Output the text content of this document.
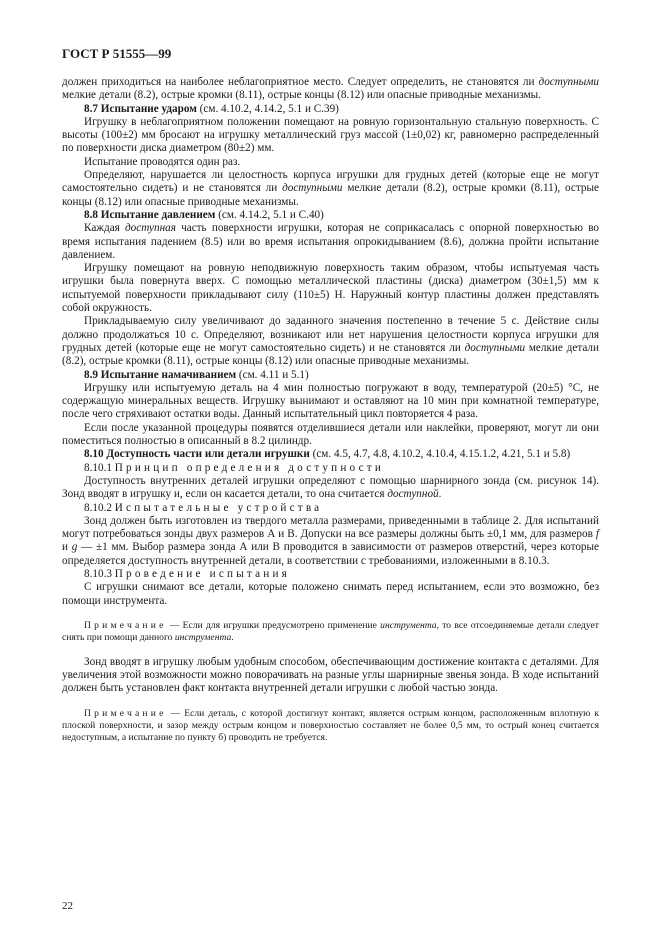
ГОСТ Р 51555—99

должен приходиться на наиболее неблагоприятное место. Следует определить, не становятся ли доступными мелкие детали (8.2), острые кромки (8.11), острые концы (8.12) или опасные приводные механизмы.

8.7 Испытание ударом (см. 4.10.2, 4.14.2, 5.1 и С.39)

Игрушку в неблагоприятном положении помещают на ровную горизонтальную стальную поверхность. С высоты (100±2) мм бросают на игрушку металлический груз массой (1±0,02) кг, равномерно распределенный по поверхности диска диаметром (80±2) мм.

Испытание проводятся один раз.

Определяют, нарушается ли целостность корпуса игрушки для грудных детей (которые еще не могут самостоятельно сидеть) и не становятся ли доступными мелкие детали (8.2), острые кромки (8.11), острые концы (8.12) или опасные приводные механизмы.

8.8 Испытание давлением (см. 4.14.2, 5.1 и С.40)

Каждая доступная часть поверхности игрушки, которая не соприкасалась с опорной поверхностью во время испытания падением (8.5) или во время испытания опрокидыванием (8.6), должна пройти испытание давлением.

Игрушку помещают на ровную неподвижную поверхность таким образом, чтобы испытуемая часть игрушки была повернута вверх. С помощью металлической пластины (диска) диаметром (30±1,5) мм к испытуемой поверхности прикладывают силу (110±5) Н. Наружный контур пластины должен представлять собой окружность.

Прикладываемую силу увеличивают до заданного значения постепенно в течение 5 с. Действие силы должно продолжаться 10 с. Определяют, возникают или нет нарушения целостности корпуса игрушки для грудных детей (которые еще не могут самостоятельно сидеть) и не становятся ли доступными мелкие детали (8.2), острые кромки (8.11), острые концы (8.12) или опасные приводные механизмы.

8.9 Испытание намачиванием (см. 4.11 и 5.1)

Игрушку или испытуемую деталь на 4 мин полностью погружают в воду, температурой (20±5) °С, не содержащую минеральных веществ. Игрушку вынимают и оставляют на 10 мин при комнатной температуре, после чего стряхивают остатки воды. Данный испытательный цикл повторяется 4 раза.

Если после указанной процедуры появятся отделившиеся детали или наклейки, проверяют, могут ли они поместиться полностью в описанный в 8.2 цилиндр.

8.10 Доступность части или детали игрушки (см. 4.5, 4.7, 4.8, 4.10.2, 4.10.4, 4.15.1.2, 4.21, 5.1 и 5.8)

8.10.1 Принцип определения доступности

Доступность внутренних деталей игрушки определяют с помощью шарнирного зонда (см. рисунок 14). Зонд вводят в игрушку и, если он касается детали, то она считается доступной.

8.10.2 Испытательные устройства

Зонд должен быть изготовлен из твердого металла размерами, приведенными в таблице 2. Для испытаний могут потребоваться зонды двух размеров А и В. Допуски на все размеры должны быть ±0,1 мм, для размеров f и g — ±1 мм. Выбор размера зонда А или В проводится в зависимости от размеров отверстий, через которые определяется доступность внутренней детали, в соответствии с требованиями, изложенными в 8.10.3.

8.10.3 Проведение испытания

С игрушки снимают все детали, которые положено снимать перед испытанием, если это возможно, без помощи инструмента.

Примечание — Если для игрушки предусмотрено применение инструмента, то все отсоединяемые детали следует снять при помощи данного инструмента.

Зонд вводят в игрушку любым удобным способом, обеспечивающим достижение контакта с деталями. Для увеличения этой возможности можно поворачивать на разные углы шарнирные звенья зонда. В ходе испытаний должен быть установлен факт контакта внутренней детали игрушки с любой частью зонда.

Примечание — Если деталь, с которой достигнут контакт, является острым концом, расположенным вплотную к плоской поверхности, и зазор между острым концом и поверхностью составляет не более 0,5 мм, то острый конец считается недоступным, а испытание по пункту б) проводить не требуется.

22
